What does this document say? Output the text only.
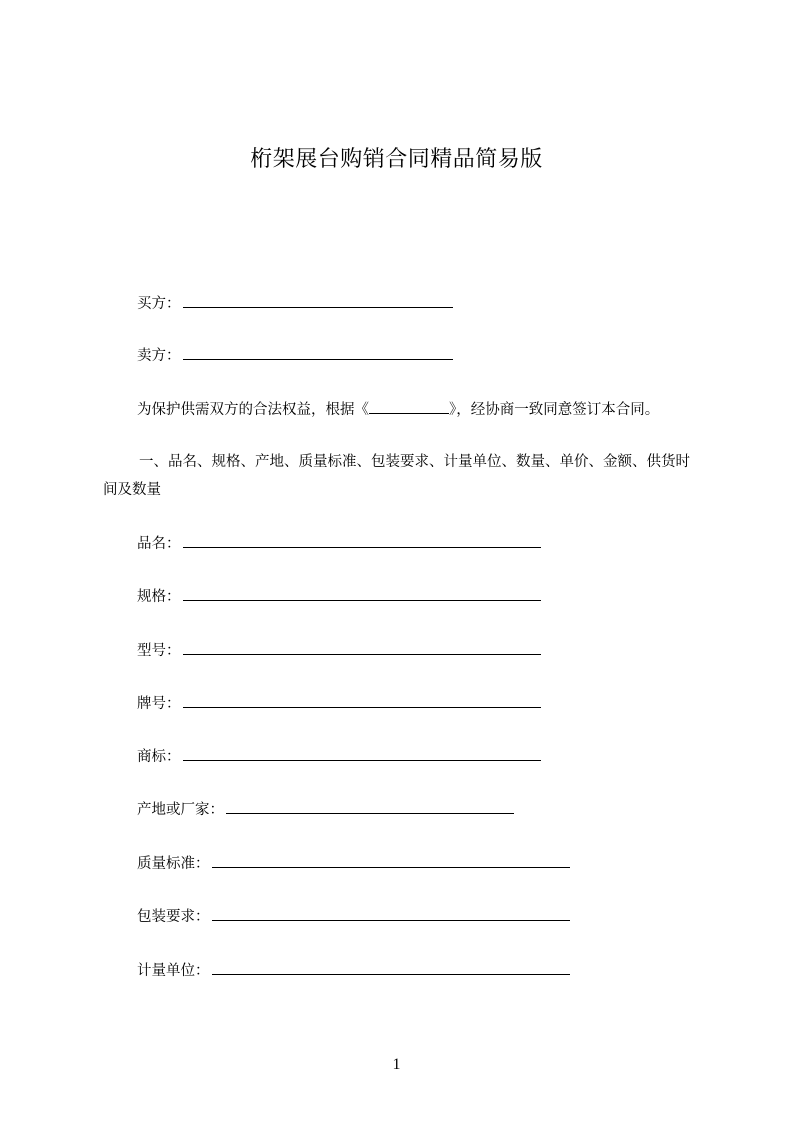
桁架展台购销合同精品简易版
买方：
卖方：
为保护供需双方的合法权益，根据《	》，经协商一致同意签订本合同。
一、品名、规格、产地、质量标准、包装要求、计量单位、数量、单价、金额、供货时间及数量
品名：
规格：
型号：
牌号：
商标：
产地或厂家：
质量标准：
包装要求：
计量单位：
1
